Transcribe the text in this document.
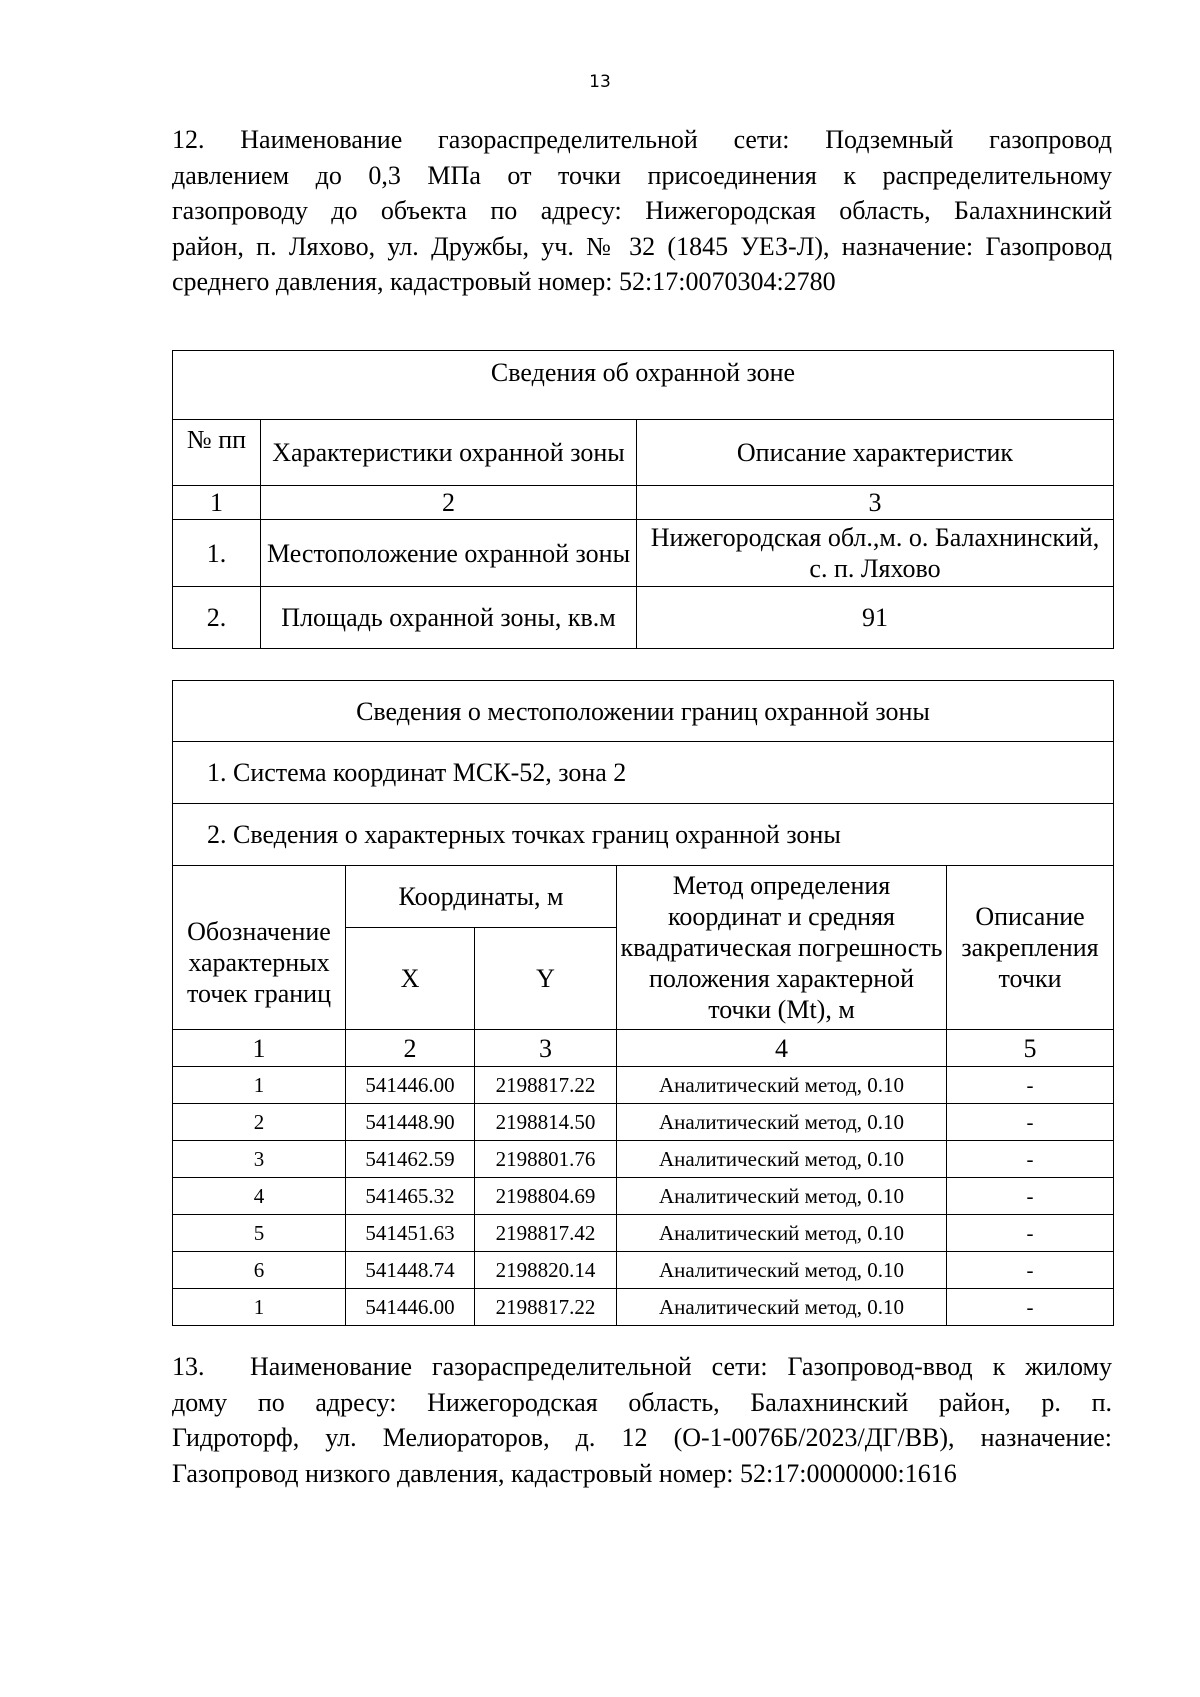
13
12. Наименование газораспределительной сети: Подземный газопровод
давлением до 0,3 МПа от точки присоединения к распределительному
газопроводу до объекта по адресу: Нижегородская область, Балахнинский
район, п. Ляхово, ул. Дружбы, уч. № 32 (1845 УЕЗ-Л), назначение: Газопровод
среднего давления, кадастровый номер: 52:17:0070304:2780
Сведения об охранной зоне		
№ пп	Характеристики охранной зоны	Описание характеристик
1	2	3
1.	Местоположение охранной зоны	Нижегородская обл.,м. о. Балахнинский, с. п. Ляхово
2.	Площадь охранной зоны, кв.м	91
Сведения о местоположении границ охранной зоны				
1. Система координат МСК-52, зона 2				
2. Сведения о характерных точках границ охранной зоны				
Обозначение характерных точек границ	Координаты, м		Метод определения координат и средняя квадратическая погрешность положения характерной точки (Mt), м	Описание закрепления точки
	X	Y		
1	2	3	4	5
1	541446.00	2198817.22	Аналитический метод, 0.10	-
2	541448.90	2198814.50	Аналитический метод, 0.10	-
3	541462.59	2198801.76	Аналитический метод, 0.10	-
4	541465.32	2198804.69	Аналитический метод, 0.10	-
5	541451.63	2198817.42	Аналитический метод, 0.10	-
6	541448.74	2198820.14	Аналитический метод, 0.10	-
1	541446.00	2198817.22	Аналитический метод, 0.10	-
13.	Наименование газораспределительной сети: Газопровод-ввод к жилому
дому по адресу: Нижегородская область, Балахнинский район, р. п.
Гидроторф, ул. Мелиораторов, д. 12 (О-1-0076Б/2023/ДГ/ВВ), назначение:
Газопровод низкого давления, кадастровый номер: 52:17:0000000:1616
